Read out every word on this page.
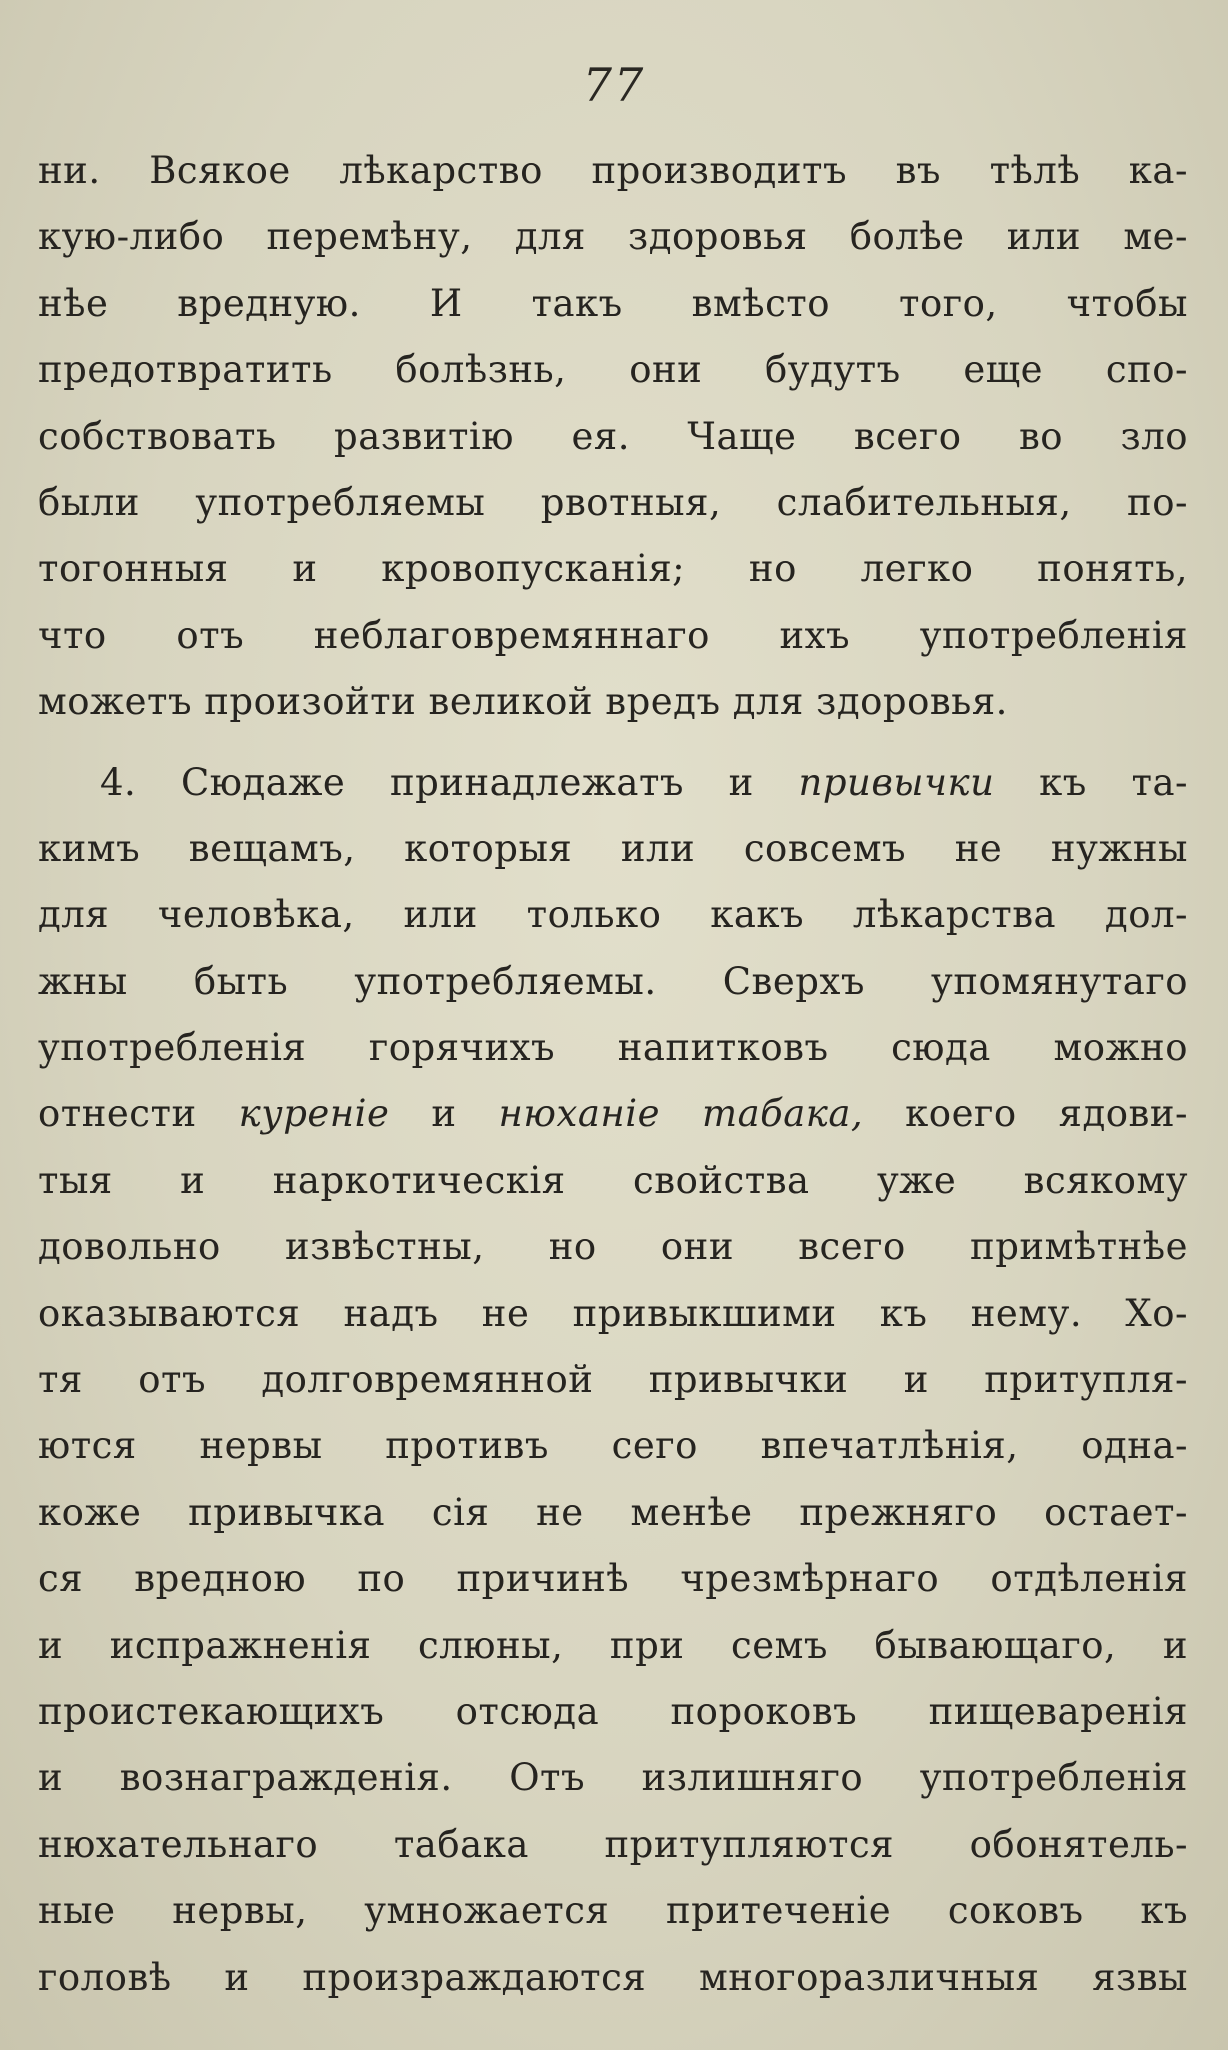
77
ни. Всякое лѣкарство производитъ въ тѣлѣ ка-
кую-либо перемѣну, для здоровья болѣе или ме-
нѣе вредную. И такъ вмѣсто того, чтобы
предотвратить болѣзнь, они будутъ еще спо-
собствовать развитію ея. Чаще всего во зло
были употребляемы рвотныя, слабительныя, по-
тогонныя и кровопусканія; но легко понять,
что отъ неблаговремяннаго ихъ употребленія
можетъ произойти великой вредъ для здоровья.
4. Сюдаже принадлежатъ и привычки къ та-
кимъ вещамъ, которыя или совсемъ не нужны
для человѣка, или только какъ лѣкарства дол-
жны быть употребляемы. Сверхъ упомянутаго
употребленія горячихъ напитковъ сюда можно
отнести куреніе и нюханіе табака, коего ядови-
тыя и наркотическія свойства уже всякому
довольно извѣстны, но они всего примѣтнѣе
оказываются надъ не привыкшими къ нему. Хо-
тя отъ долговремянной привычки и притупля-
ются нервы противъ сего впечатлѣнія, одна-
коже привычка сія не менѣе прежняго остает-
ся вредною по причинѣ чрезмѣрнаго отдѣленія
и испражненія слюны, при семъ бывающаго, и
проистекающихъ отсюда пороковъ пищеваренія
и вознагражденія. Отъ излишняго употребленія
нюхательнаго табака притупляются обонятель-
ные нервы, умножается притеченіе соковъ къ
головѣ и произраждаются многоразличныя язвы
